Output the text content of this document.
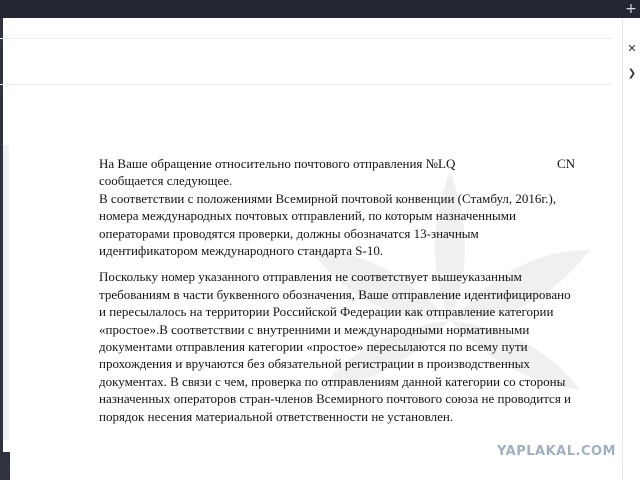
+
✕
❯
На Ваше обращение относительно почтового отправления №LQ	CN

сообщается следующее.

В соответствии с положениями Всемирной почтовой конвенции (Стамбул, 2016г.), номера международных почтовых отправлений, по которым назначенными операторами проводятся проверки, должны обозначатся 13-значным идентификатором международного стандарта S-10.

Поскольку номер указанного отправления не соответствует вышеуказанным требованиям в части буквенного обозначения, Ваше отправление идентифицировано и пересылалось на территории Российской Федерации как отправление категории «простое».В соответствии с внутренними и международными нормативными документами отправления категории «простое» пересылаются по всему пути прохождения и вручаются без обязательной регистрации в производственных документах. В связи с чем, проверка по отправлениям данной категории со стороны назначенных операторов стран-членов Всемирного почтового союза не проводится и порядок несения материальной ответственности не установлен.

YAPLAKAL.COM
